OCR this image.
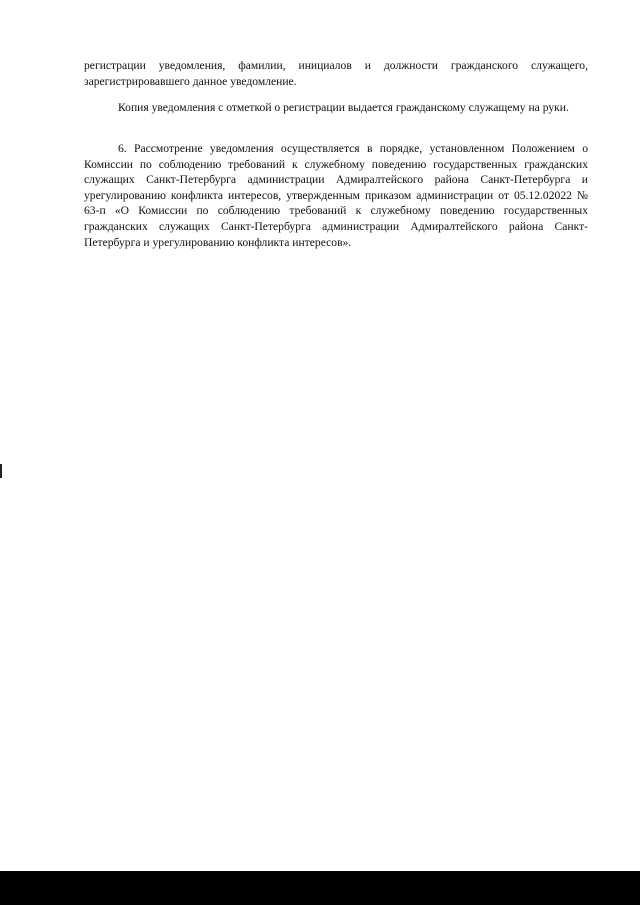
регистрации уведомления, фамилии, инициалов и должности гражданского служащего, зарегистрировавшего данное уведомление.

Копия уведомления с отметкой о регистрации выдается гражданскому служащему на руки.

6. Рассмотрение уведомления осуществляется в порядке, установленном Положением о Комиссии по соблюдению требований к служебному поведению государственных гражданских служащих Санкт-Петербурга администрации Адмиралтейского района Санкт-Петербурга и урегулированию конфликта интересов, утвержденным приказом администрации от 05.12.02022 № 63-п «О Комиссии по соблюдению требований к служебному поведению государственных гражданских служащих Санкт-Петербурга администрации Адмиралтейского района Санкт-Петербурга и урегулированию конфликта интересов».
